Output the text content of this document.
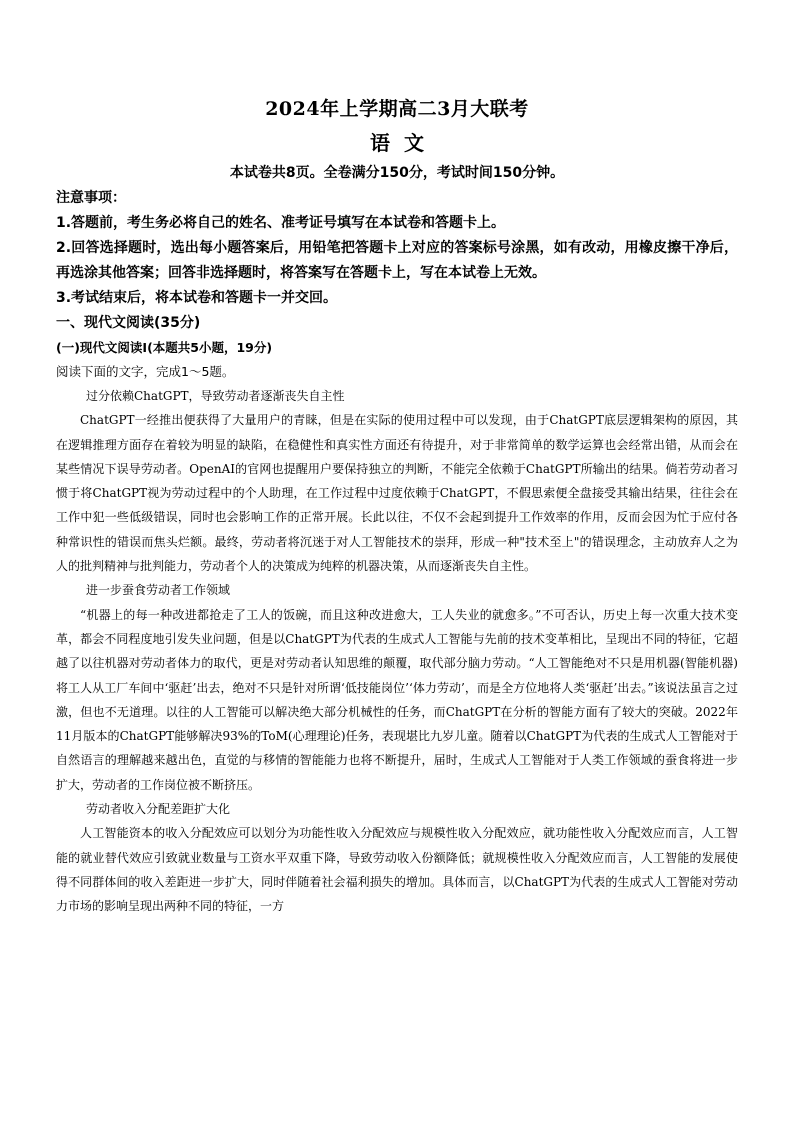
2024年上学期高二3月大联考

语文

本试卷共8页。全卷满分150分，考试时间150分钟。

注意事项：

1.答题前，考生务必将自己的姓名、准考证号填写在本试卷和答题卡上。

2.回答选择题时，选出每小题答案后，用铅笔把答题卡上对应的答案标号涂黑，如有改动，用橡皮擦干净后，再选涂其他答案；回答非选择题时，将答案写在答题卡上，写在本试卷上无效。

3.考试结束后，将本试卷和答题卡一并交回。

一、现代文阅读(35分)

(一)现代文阅读Ⅰ(本题共5小题，19分)

阅读下面的文字，完成1～5题。

过分依赖ChatGPT，导致劳动者逐渐丧失自主性

ChatGPT一经推出便获得了大量用户的青睐，但是在实际的使用过程中可以发现，由于ChatGPT底层逻辑架构的原因，其在逻辑推理方面存在着较为明显的缺陷，在稳健性和真实性方面还有待提升，对于非常简单的数学运算也会经常出错，从而会在某些情况下误导劳动者。OpenAI的官网也提醒用户要保持独立的判断，不能完全依赖于ChatGPT所输出的结果。倘若劳动者习惯于将ChatGPT视为劳动过程中的个人助理，在工作过程中过度依赖于ChatGPT，不假思索便全盘接受其输出结果，往往会在工作中犯一些低级错误，同时也会影响工作的正常开展。长此以往，不仅不会起到提升工作效率的作用，反而会因为忙于应付各种常识性的错误而焦头烂额。最终，劳动者将沉迷于对人工智能技术的崇拜，形成一种"技术至上"的错误理念，主动放弃人之为人的批判精神与批判能力，劳动者个人的决策成为纯粹的机器决策，从而逐渐丧失自主性。

进一步蚕食劳动者工作领域

“机器上的每一种改进都抢走了工人的饭碗，而且这种改进愈大，工人失业的就愈多。”不可否认，历史上每一次重大技术变革，都会不同程度地引发失业问题，但是以ChatGPT为代表的生成式人工智能与先前的技术变革相比，呈现出不同的特征，它超越了以往机器对劳动者体力的取代，更是对劳动者认知思维的颠覆，取代部分脑力劳动。“人工智能绝对不只是用机器(智能机器)将工人从工厂车间中‘驱赶’出去，绝对不只是针对所谓‘低技能岗位’‘体力劳动’，而是全方位地将人类‘驱赶’出去。”该说法虽言之过激，但也不无道理。以往的人工智能可以解决绝大部分机械性的任务，而ChatGPT在分析的智能方面有了较大的突破。2022年11月版本的ChatGPT能够解决93%的ToM(心理理论)任务，表现堪比九岁儿童。随着以ChatGPT为代表的生成式人工智能对于自然语言的理解越来越出色，直觉的与移情的智能能力也将不断提升，届时，生成式人工智能对于人类工作领域的蚕食将进一步扩大，劳动者的工作岗位被不断挤压。

劳动者收入分配差距扩大化

人工智能资本的收入分配效应可以划分为功能性收入分配效应与规模性收入分配效应，就功能性收入分配效应而言，人工智能的就业替代效应引致就业数量与工资水平双重下降，导致劳动收入份额降低；就规模性收入分配效应而言，人工智能的发展使得不同群体间的收入差距进一步扩大，同时伴随着社会福利损失的增加。具体而言，以ChatGPT为代表的生成式人工智能对劳动力市场的影响呈现出两种不同的特征，一方
